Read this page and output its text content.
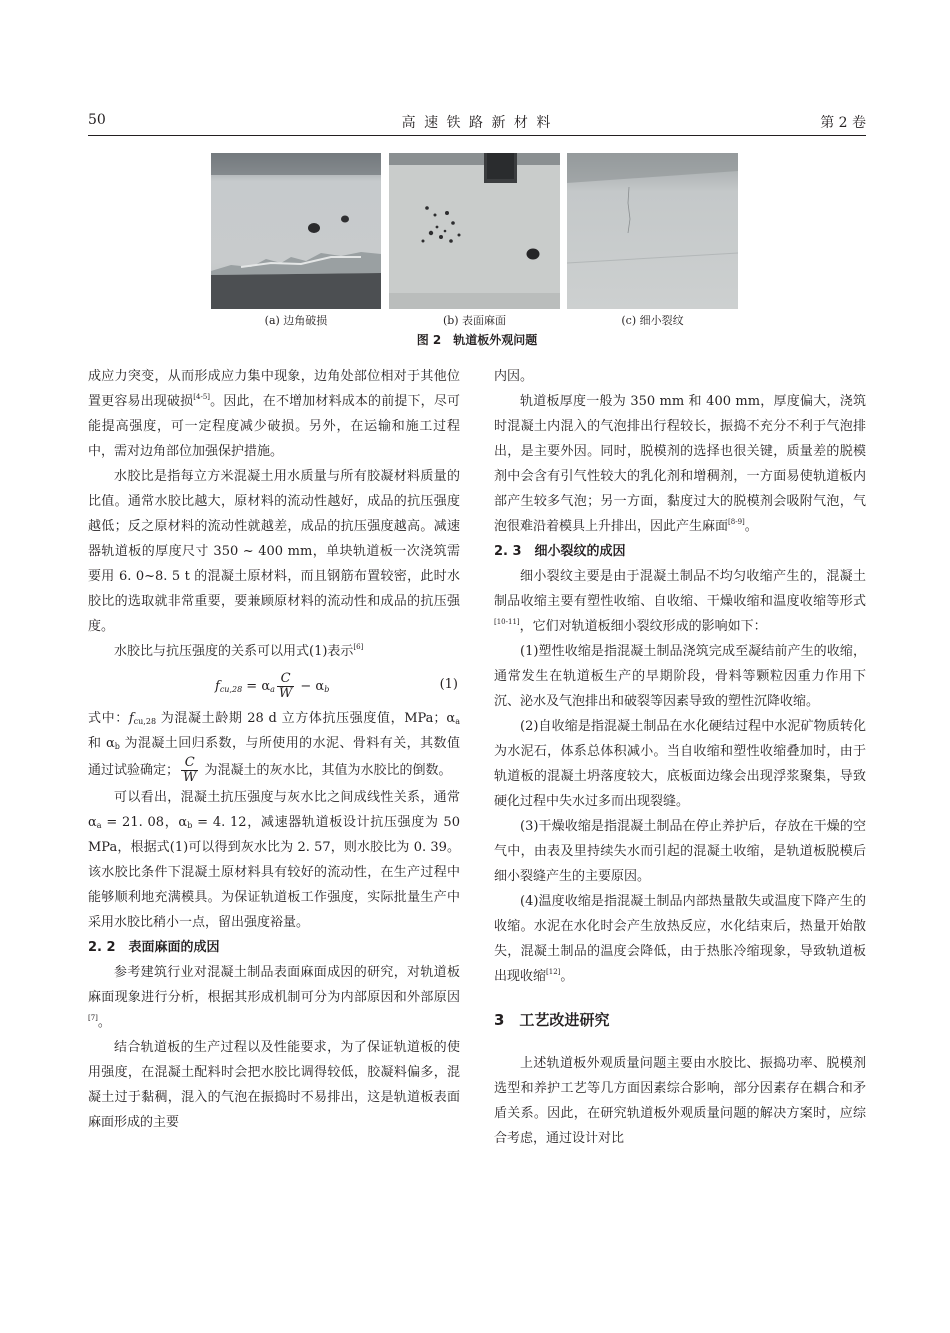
50	高 速 铁 路 新 材 料	第 2 卷
(a) 边角破损	(b) 表面麻面	(c) 细小裂纹
图 2　 轨道板外观问题

成应力突变，从而形成应力集中现象，边角处部位相对于其他位置更容易出现破损[4-5]。因此，在不增加材料成本的前提下，尽可能提高强度，可一定程度减少破损。另外，在运输和施工过程中，需对边角部位加强保护措施。

水胶比是指每立方米混凝土用水质量与所有胶凝材料质量的比值。通常水胶比越大，原材料的流动性越好，成品的抗压强度越低；反之原材料的流动性就越差，成品的抗压强度越高。减速器轨道板的厚度尺寸 350 ~ 400 mm，单块轨道板一次浇筑需要用 6. 0~8. 5 t 的混凝土原材料，而且钢筋布置较密，此时水胶比的选取就非常重要，要兼顾原材料的流动性和成品的抗压强度。

水胶比与抗压强度的关系可以用式(1)表示[6]

$f_{cu,28} = \alpha_a \frac{C}{W} - \alpha_b$	(1)

式中：$f_{cu,28}$ 为混凝土龄期 28 d 立方体抗压强度值，MPa；$\alpha_a$ 和 $\alpha_b$ 为混凝土回归系数，与所使用的水泥、骨料有关，其数值通过试验确定； $\frac{C}{W}$ 为混凝土的灰水比，其值为水胶比的倒数。

可以看出，混凝土抗压强度与灰水比之间成线性关系，通常 $\alpha_a = 21$. 08，$\alpha_b = 4$. 12，减速器轨道板设计抗压强度为 50 MPa，根据式(1)可以得到灰水比为 2. 57，则水胶比为 0. 39。该水胶比条件下混凝土原材料具有较好的流动性，在生产过程中能够顺利地充满模具。为保证轨道板工作强度，实际批量生产中采用水胶比稍小一点，留出强度裕量。

2. 2　表面麻面的成因

参考建筑行业对混凝土制品表面麻面成因的研究，对轨道板麻面现象进行分析，根据其形成机制可分为内部原因和外部原因[7]。

结合轨道板的生产过程以及性能要求，为了保证轨道板的使用强度，在混凝土配料时会把水胶比调得较低，胶凝料偏多，混凝土过于黏稠，混入的气泡在振捣时不易排出，这是轨道板表面麻面形成的主要

内因。

轨道板厚度一般为 350 mm 和 400 mm，厚度偏大，浇筑时混凝土内混入的气泡排出行程较长，振捣不充分不利于气泡排出，是主要外因。同时，脱模剂的选择也很关键，质量差的脱模剂中会含有引气性较大的乳化剂和增稠剂，一方面易使轨道板内部产生较多气泡；另一方面，黏度过大的脱模剂会吸附气泡，气泡很难沿着模具上升排出，因此产生麻面[8-9]。

2. 3　细小裂纹的成因

细小裂纹主要是由于混凝土制品不均匀收缩产生的，混凝土制品收缩主要有塑性收缩、自收缩、干燥收缩和温度收缩等形式[10-11]，它们对轨道板细小裂纹形成的影响如下：

(1)塑性收缩是指混凝土制品浇筑完成至凝结前产生的收缩，通常发生在轨道板生产的早期阶段，骨料等颗粒因重力作用下沉、泌水及气泡排出和破裂等因素导致的塑性沉降收缩。

(2)自收缩是指混凝土制品在水化硬结过程中水泥矿物质转化为水泥石，体系总体积减小。当自收缩和塑性收缩叠加时，由于轨道板的混凝土坍落度较大，底板面边缘会出现浮浆聚集，导致硬化过程中失水过多而出现裂缝。

(3)干燥收缩是指混凝土制品在停止养护后，存放在干燥的空气中，由表及里持续失水而引起的混凝土收缩，是轨道板脱模后细小裂缝产生的主要原因。

(4)温度收缩是指混凝土制品内部热量散失或温度下降产生的收缩。水泥在水化时会产生放热反应，水化结束后，热量开始散失，混凝土制品的温度会降低，由于热胀冷缩现象，导致轨道板出现收缩[12]。

3　工艺改进研究

上述轨道板外观质量问题主要由水胶比、振捣功率、脱模剂选型和养护工艺等几方面因素综合影响，部分因素存在耦合和矛盾关系。因此，在研究轨道板外观质量问题的解决方案时，应综合考虑，通过设计对比
